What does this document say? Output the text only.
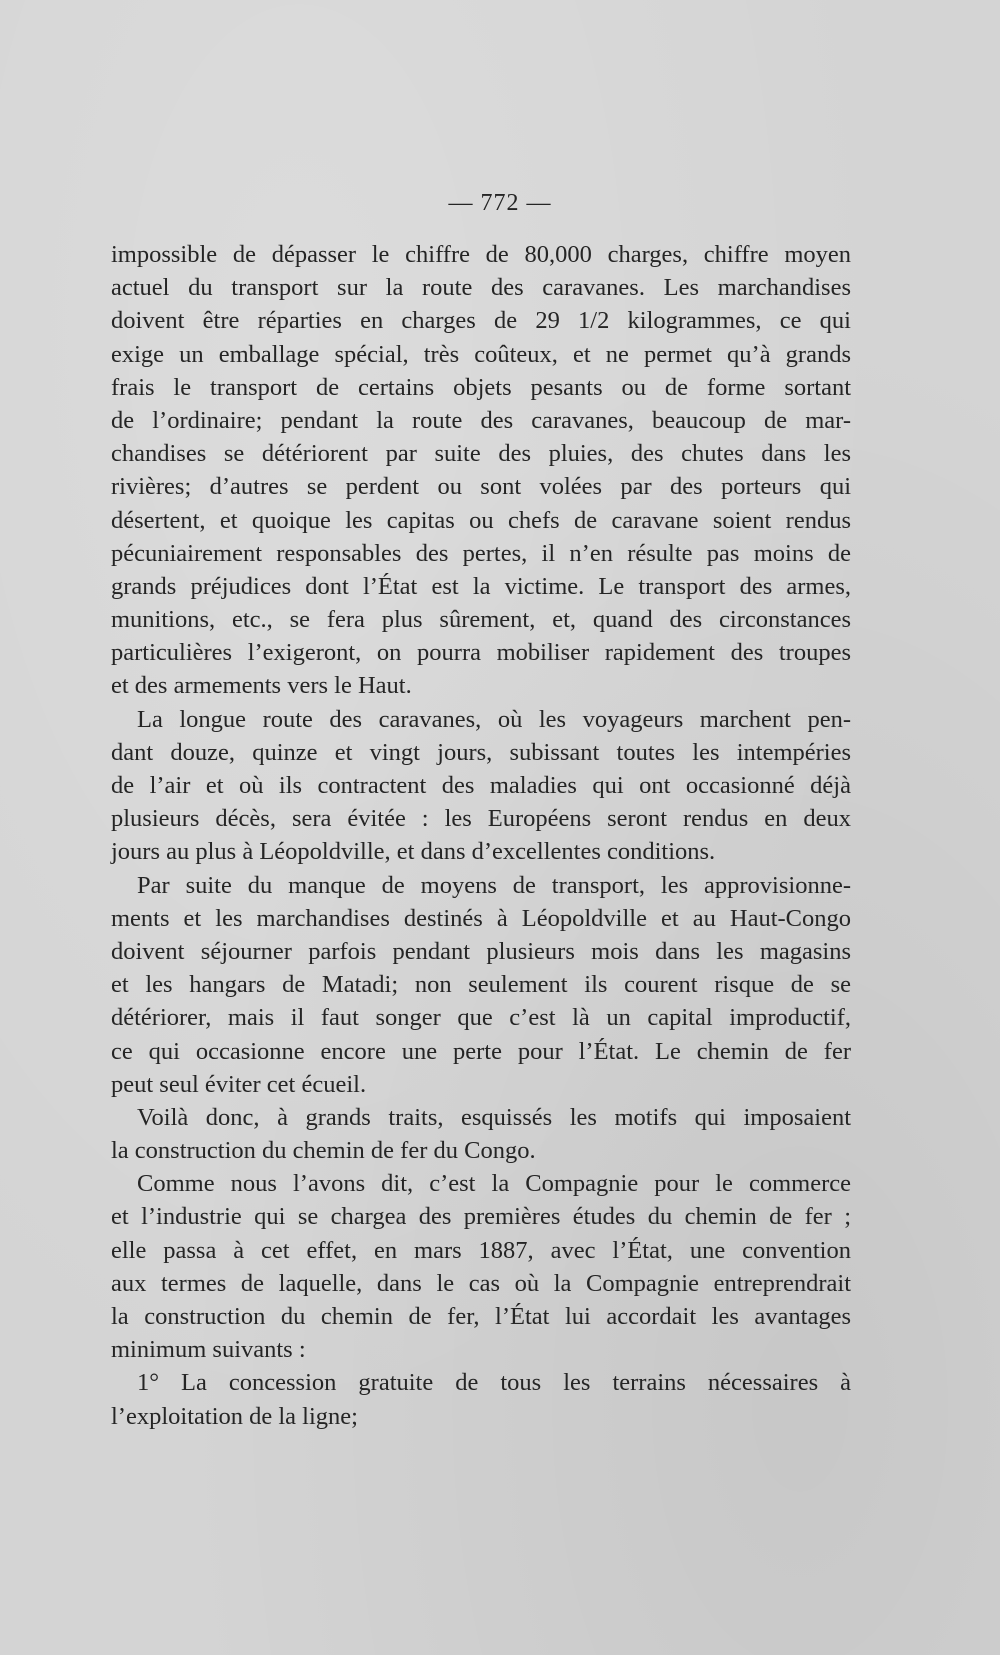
— 772 —
impossible de dépasser le chiffre de 80,000 charges, chiffre moyen
actuel du transport sur la route des caravanes. Les marchandises
doivent être réparties en charges de 29 1/2 kilogrammes, ce qui
exige un emballage spécial, très coûteux, et ne permet qu’à grands
frais le transport de certains objets pesants ou de forme sortant
de l’ordinaire; pendant la route des caravanes, beaucoup de mar-
chandises se détériorent par suite des pluies, des chutes dans les
rivières; d’autres se perdent ou sont volées par des porteurs qui
désertent, et quoique les capitas ou chefs de caravane soient rendus
pécuniairement responsables des pertes, il n’en résulte pas moins de
grands préjudices dont l’État est la victime. Le transport des armes,
munitions, etc., se fera plus sûrement, et, quand des circonstances
particulières l’exigeront, on pourra mobiliser rapidement des troupes
et des armements vers le Haut.
La longue route des caravanes, où les voyageurs marchent pen-
dant douze, quinze et vingt jours, subissant toutes les intempéries
de l’air et où ils contractent des maladies qui ont occasionné déjà
plusieurs décès, sera évitée : les Européens seront rendus en deux
jours au plus à Léopoldville, et dans d’excellentes conditions.
Par suite du manque de moyens de transport, les approvisionne-
ments et les marchandises destinés à Léopoldville et au Haut-Congo
doivent séjourner parfois pendant plusieurs mois dans les magasins
et les hangars de Matadi; non seulement ils courent risque de se
détériorer, mais il faut songer que c’est là un capital improductif,
ce qui occasionne encore une perte pour l’État. Le chemin de fer
peut seul éviter cet écueil.
Voilà donc, à grands traits, esquissés les motifs qui imposaient
la construction du chemin de fer du Congo.
Comme nous l’avons dit, c’est la Compagnie pour le commerce
et l’industrie qui se chargea des premières études du chemin de fer ;
elle passa à cet effet, en mars 1887, avec l’État, une convention
aux termes de laquelle, dans le cas où la Compagnie entreprendrait
la construction du chemin de fer, l’État lui accordait les avantages
minimum suivants :
1° La concession gratuite de tous les terrains nécessaires à
l’exploitation de la ligne;
